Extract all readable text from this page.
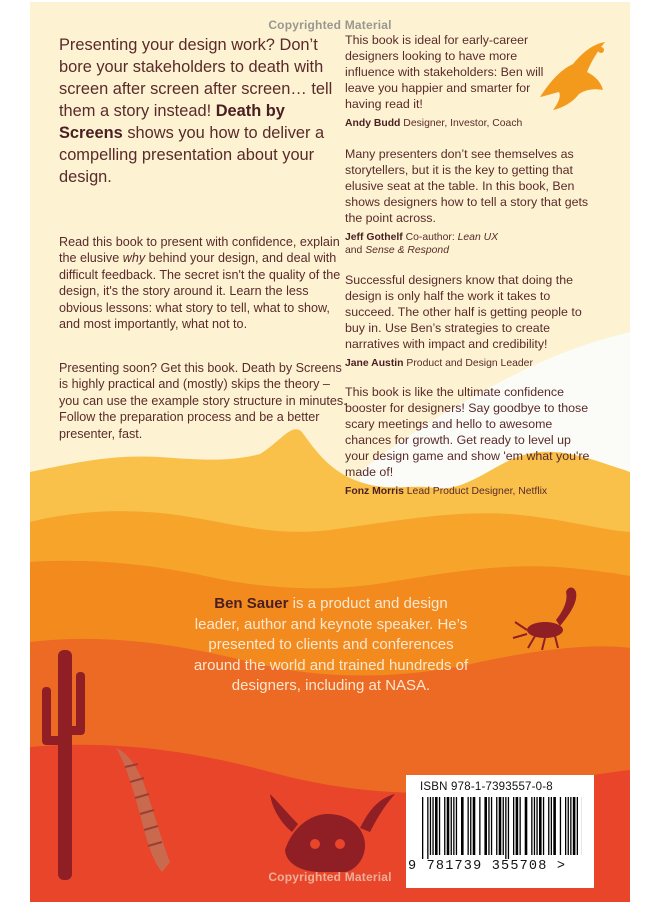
Copyrighted Material
Presenting your design work? Don’t bore your stakeholders to death with screen after screen after screen… tell them a story instead! Death by Screens shows you how to deliver a compelling presentation about your design.
Read this book to present with confidence, explain the elusive why behind your design, and deal with difficult feedback. The secret isn't the quality of the design, it's the story around it. Learn the less obvious lessons: what story to tell, what to show, and most importantly, what not to.
Presenting soon? Get this book. Death by Screens is highly practical and (mostly) skips the theory – you can use the example story structure in minutes. Follow the preparation process and be a better presenter, fast.
This book is ideal for early-career designers looking to have more influence with stakeholders: Ben will leave you happier and smarter for having read it!
Andy Budd Designer, Investor, Coach
Many presenters don’t see themselves as storytellers, but it is the key to getting that elusive seat at the table. In this book, Ben shows designers how to tell a story that gets the point across.
Jeff Gothelf Co-author: Lean UX
and Sense & Respond
Successful designers know that doing the design is only half the work it takes to succeed. The other half is getting people to buy in. Use Ben’s strategies to create narratives with impact and credibility!
Jane Austin Product and Design Leader
This book is like the ultimate confidence booster for designers! Say goodbye to those scary meetings and hello to awesome chances for growth. Get ready to level up your design game and show 'em what you're made of!
Fonz Morris Lead Product Designer, Netflix
Ben Sauer is a product and design leader, author and keynote speaker. He’s presented to clients and conferences around the world and trained hundreds of designers, including at NASA.
ISBN 978-1-7393557-0-8
9 781739 355708 >
Copyrighted Material
